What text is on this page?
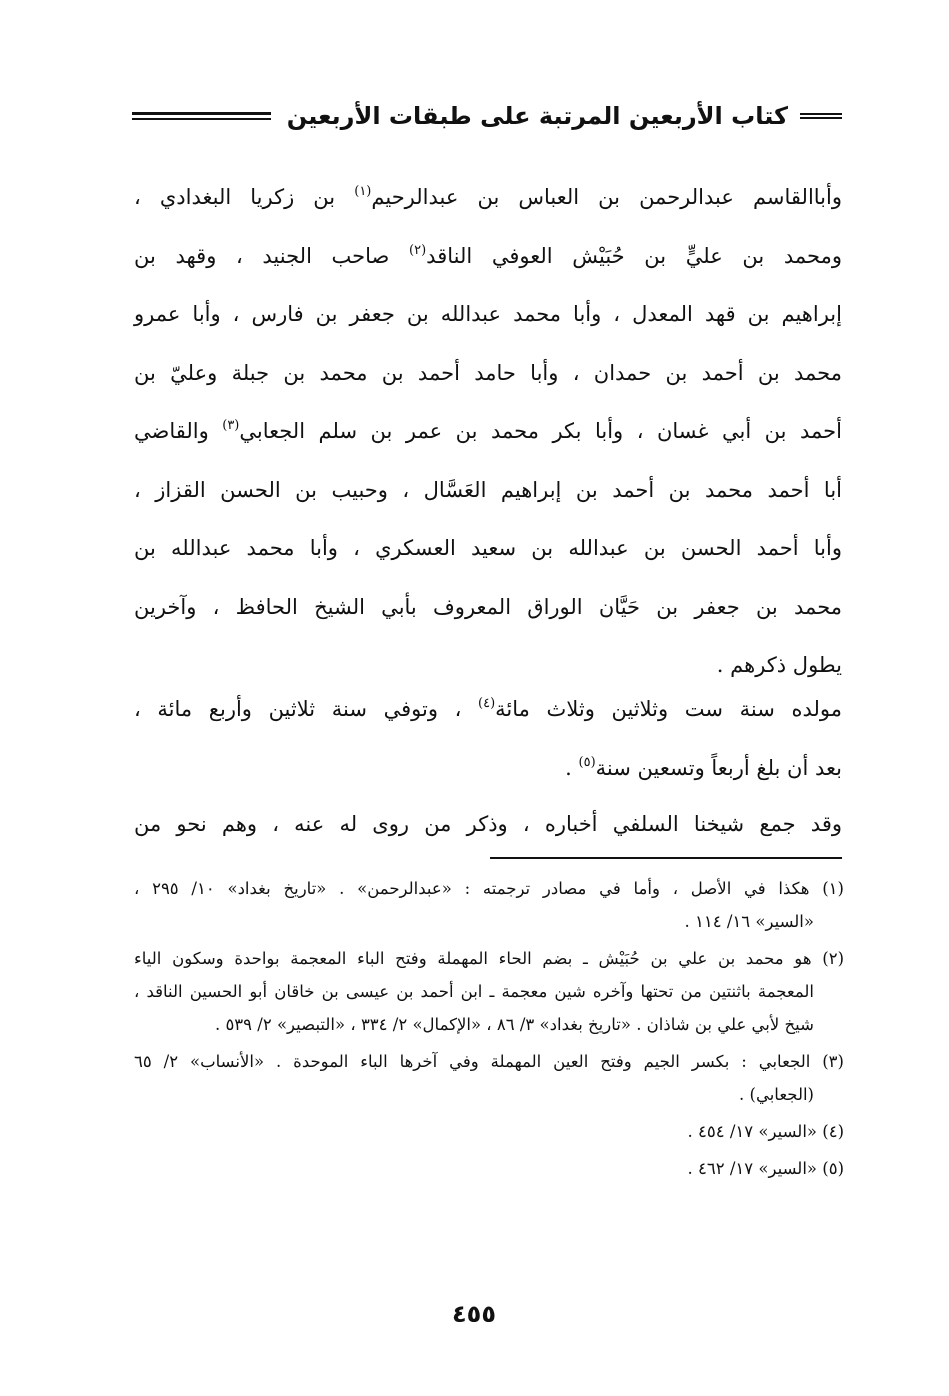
كتاب الأربعين المرتبة على طبقات الأربعين
وأباالقاسم عبدالرحمن بن العباس بن عبدالرحيم$^{(١)}$ بن زكريا البغدادي ،
ومحمد بن عليٍّ بن حُبَيْش العوفي الناقد$^{(٢)}$ صاحب الجنيد ، وقهد بن
إبراهيم بن قهد المعدل ، وأبا محمد عبدالله بن جعفر بن فارس ، وأبا عمرو
محمد بن أحمد بن حمدان ، وأبا حامد أحمد بن محمد بن جبلة وعليّ بن
أحمد بن أبي غسان ، وأبا بكر محمد بن عمر بن سلم الجعابي$^{(٣)}$ والقاضي
أبا أحمد محمد بن أحمد بن إبراهيم العَسَّال ، وحبيب بن الحسن القزاز ،
وأبا أحمد الحسن بن عبدالله بن سعيد العسكري ، وأبا محمد عبدالله بن
محمد بن جعفر بن حَيَّان الوراق المعروف بأبي الشيخ الحافظ ، وآخرين
يطول ذكرهم .
مولده سنة ست وثلاثين وثلاث مائة$^{(٤)}$ ، وتوفي سنة ثلاثين وأربع مائة ،
بعد أن بلغ أربعاً وتسعين سنة$^{(٥)}$ .
وقد جمع شيخنا السلفي أخباره ، وذكر من روى له عنه ، وهم نحو من
(١) هكذا في الأصل ، وأما في مصادر ترجمته : «عبدالرحمن» . «تاريخ بغداد» ١٠/ ٢٩٥ ،
«السير» ١٦/ ١١٤ .
(٢) هو محمد بن علي بن حُبَيْش ـ بضم الحاء المهملة وفتح الباء المعجمة بواحدة وسكون الياء
المعجمة باثنتين من تحتها وآخره شين معجمة ـ ابن أحمد بن عيسى بن خاقان أبو الحسين الناقد ،
شيخ لأبي علي بن شاذان . «تاريخ بغداد» ٣/ ٨٦ ، «الإكمال» ٢/ ٣٣٤ ، «التبصير» ٢/ ٥٣٩ .
(٣) الجعابي : بكسر الجيم وفتح العين المهملة وفي آخرها الباء الموحدة . «الأنساب» ٢/ ٦٥
(الجعابي) .
(٤) «السير» ١٧/ ٤٥٤ .
(٥) «السير» ١٧/ ٤٦٢ .
٤٥٥
